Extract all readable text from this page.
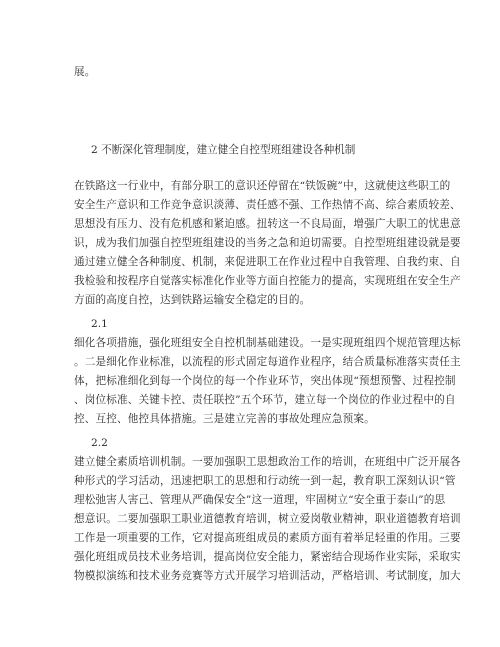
展。
2 不断深化管理制度，建立健全自控型班组建设各种机制
在铁路这一行业中，有部分职工的意识还停留在“铁饭碗”中，这就使这些职工的
安全生产意识和工作竞争意识淡薄、责任感不强、工作热情不高、综合素质较差、
思想没有压力、没有危机感和紧迫感。扭转这一不良局面，增强广大职工的忧患意
识，成为我们加强自控型班组建设的当务之急和迫切需要。自控型班组建设就是要
通过建立健全各种制度、机制，来促进职工在作业过程中自我管理、自我约束、自
我检验和按程序自觉落实标准化作业等方面自控能力的提高，实现班组在安全生产
方面的高度自控，达到铁路运输安全稳定的目的。
2.1
细化各项措施，强化班组安全自控机制基础建设。一是实现班组四个规范管理达标
。二是细化作业标准，以流程的形式固定每道作业程序，结合质量标准落实责任主
体，把标准细化到每一个岗位的每一个作业环节，突出体现“预想预警、过程控制
、岗位标准、关键卡控、责任联控”五个环节，建立每一个岗位的作业过程中的自
控、互控、他控具体措施。三是建立完善的事故处理应急预案。
2.2
建立健全素质培训机制。一要加强职工思想政治工作的培训，在班组中广泛开展各
种形式的学习活动，迅速把职工的思想和行动统一到一起，教育职工深刻认识“管
理松弛害人害己、管理从严确保安全”这一道理，牢固树立“安全重于泰山”的思
想意识。二要加强职工职业道德教育培训，树立爱岗敬业精神，职业道德教育培训
工作是一项重要的工作，它对提高班组成员的素质方面有着举足轻重的作用。三要
强化班组成员技术业务培训，提高岗位安全能力，紧密结合现场作业实际，采取实
物模拟演练和技术业务竞赛等方式开展学习培训活动，严格培训、考试制度，加大
